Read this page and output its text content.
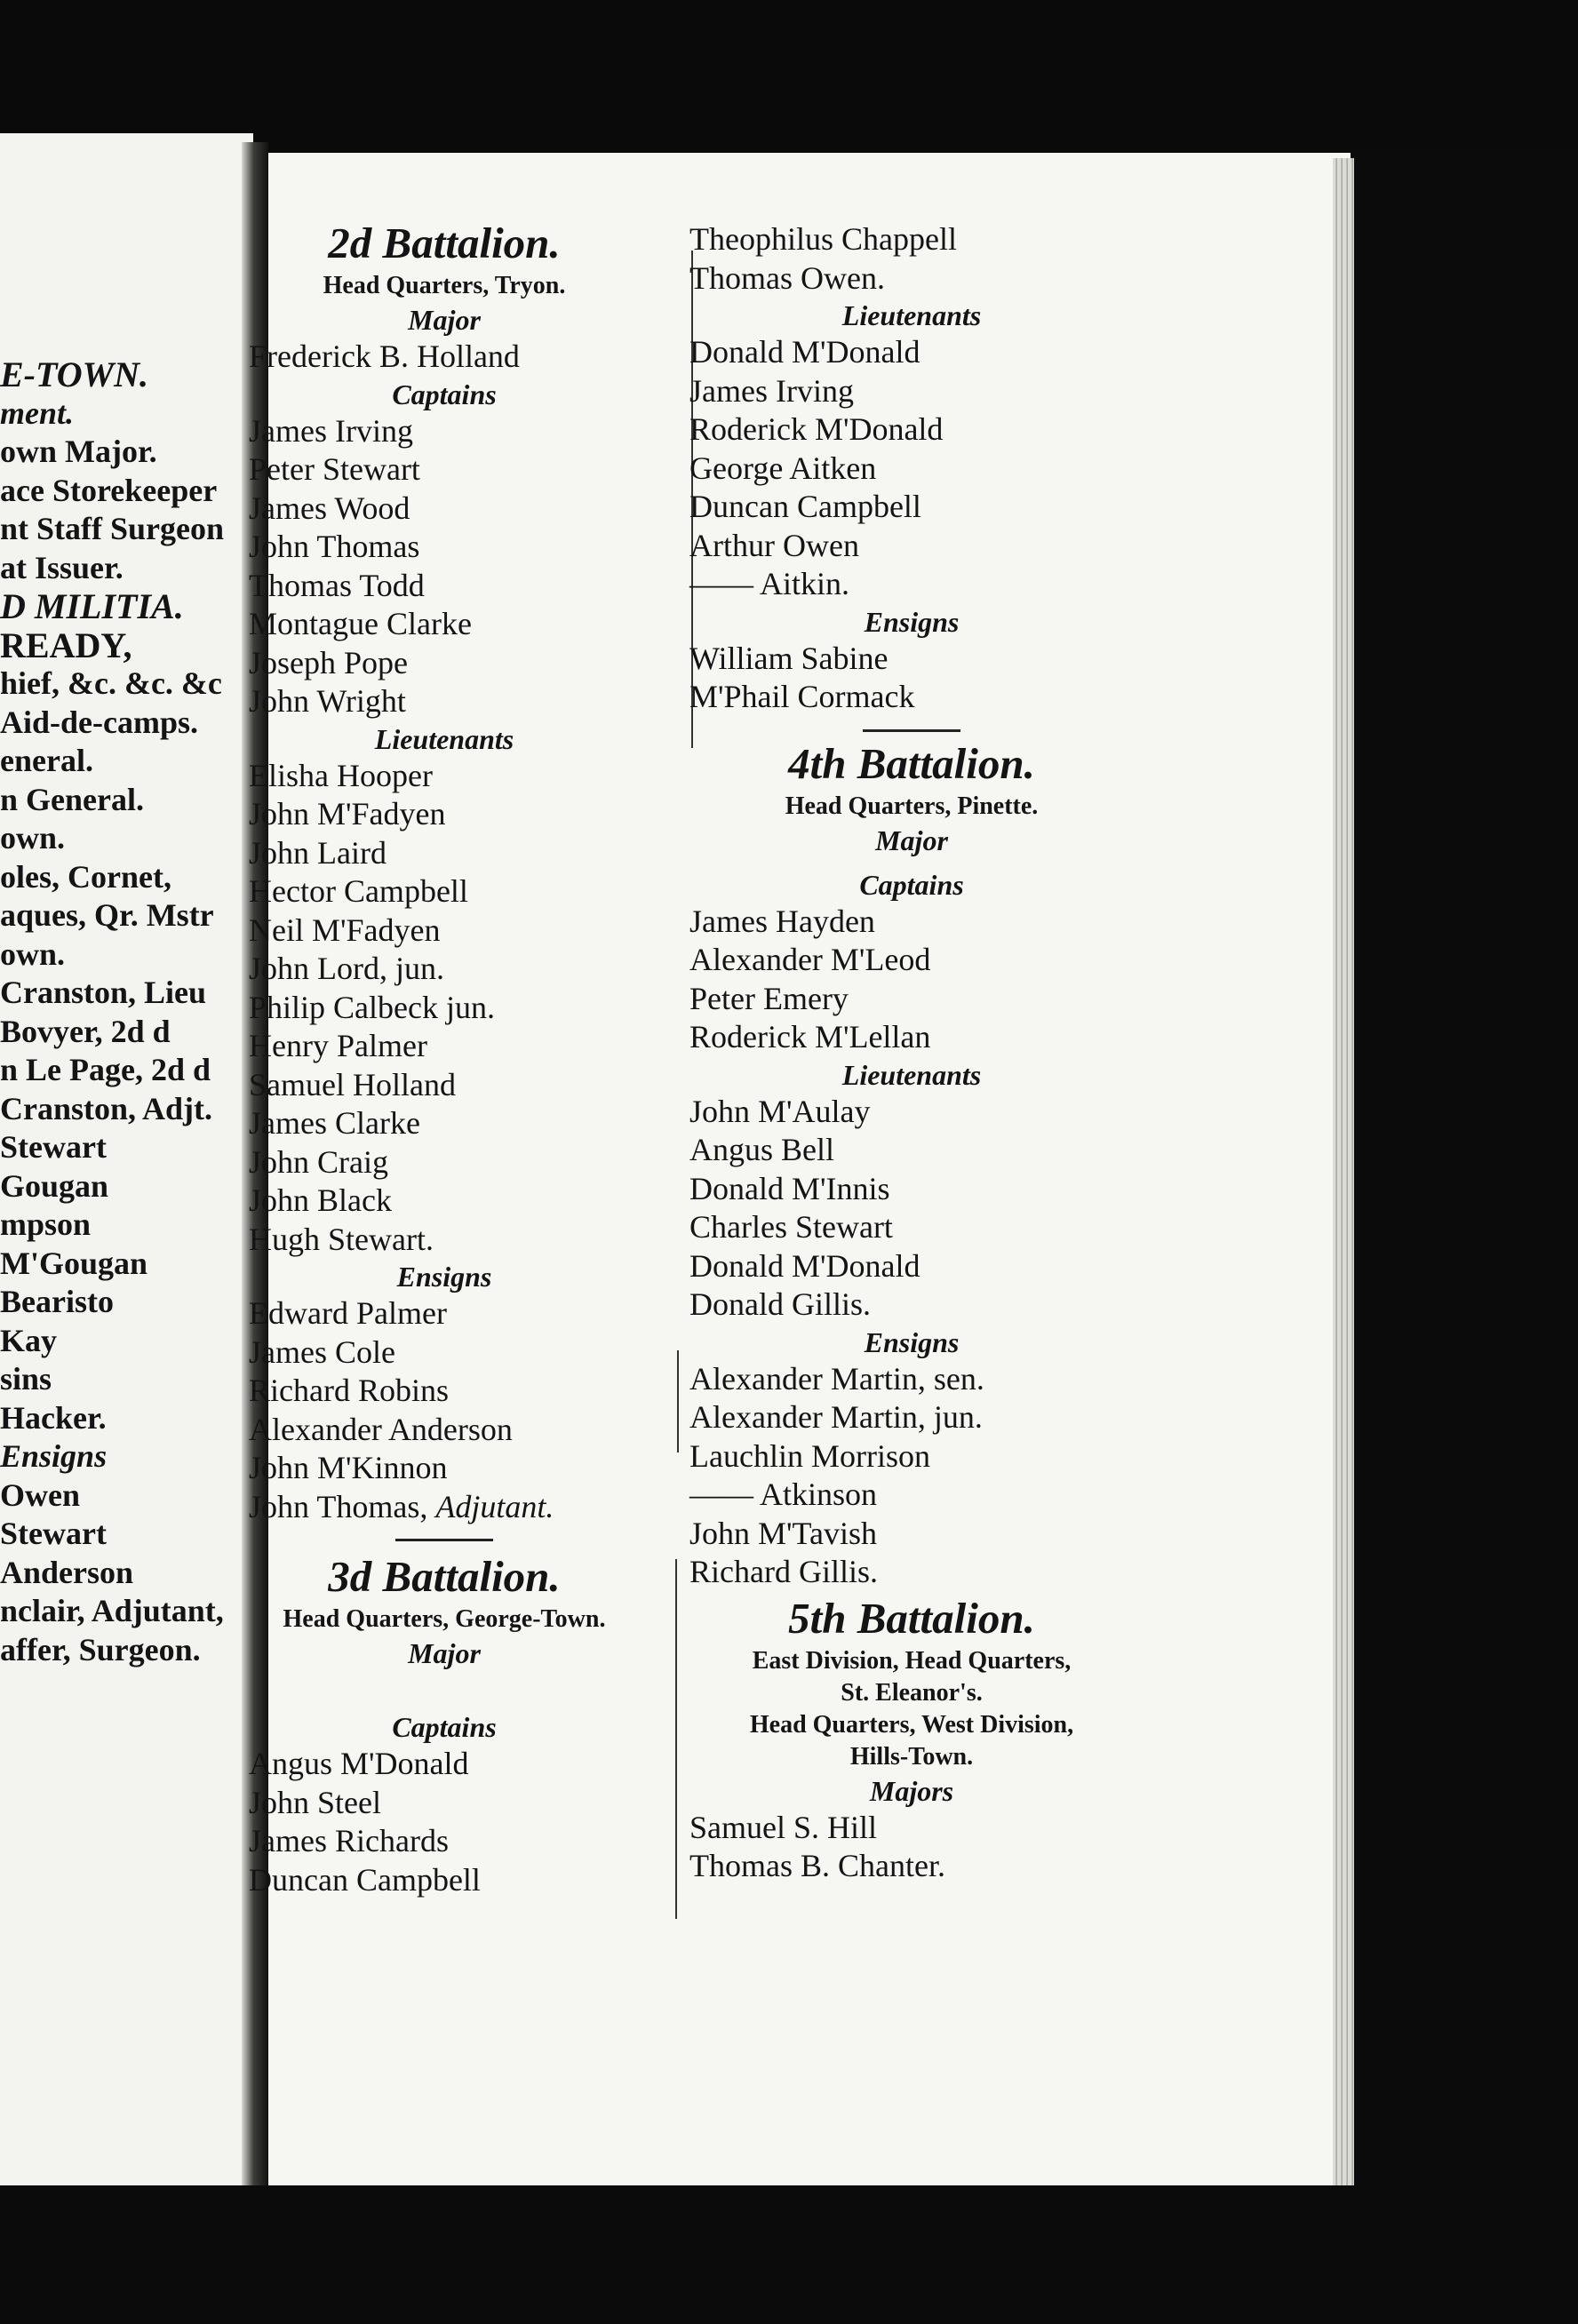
E-TOWN.
ment.
own Major.
ace Storekeeper
nt Staff Surgeon
at Issuer.
D MILITIA.
READY,
hief, &c. &c. &c
Aid-de-camps.
eneral.
n General.
own.
oles, Cornet,
aques, Qr. Mstr
own.
Cranston, Lieu
Bovyer, 2d d
n Le Page, 2d d
Cranston, Adjt.
Stewart
Gougan
mpson
M'Gougan
Bearisto
Kay
sins
Hacker.
Ensigns
Owen
Stewart
Anderson
nclair, Adjutant,
affer, Surgeon.
2d Battalion.
Head Quarters, Tryon.
Major
Frederick B. Holland
Captains
James Irving
Peter Stewart
James Wood
John Thomas
Thomas Todd
Montague Clarke
Joseph Pope
John Wright
Lieutenants
Elisha Hooper
John M'Fadyen
John Laird
Hector Campbell
Neil M'Fadyen
John Lord, jun.
Philip Calbeck jun.
Henry Palmer
Samuel Holland
James Clarke
John Craig
John Black
Hugh Stewart.
Ensigns
Edward Palmer
James Cole
Richard Robins
Alexander Anderson
John M'Kinnon
John Thomas, Adjutant.
3d Battalion.
Head Quarters, George-Town.
Major
Captains
Angus M'Donald
John Steel
James Richards
Duncan Campbell
Theophilus Chappell
Thomas Owen.
Lieutenants
Donald M'Donald
James Irving
Roderick M'Donald
George Aitken
Duncan Campbell
Arthur Owen
—— Aitkin.
Ensigns
William Sabine
M'Phail Cormack
4th Battalion.
Head Quarters, Pinette.
Major
Captains
James Hayden
Alexander M'Leod
Peter Emery
Roderick M'Lellan
Lieutenants
John M'Aulay
Angus Bell
Donald M'Innis
Charles Stewart
Donald M'Donald
Donald Gillis.
Ensigns
Alexander Martin, sen.
Alexander Martin, jun.
Lauchlin Morrison
—— Atkinson
John M'Tavish
Richard Gillis.
5th Battalion.
East Division, Head Quarters,
St. Eleanor's.
Head Quarters, West Division,
Hills-Town.
Majors
Samuel S. Hill
Thomas B. Chanter.
